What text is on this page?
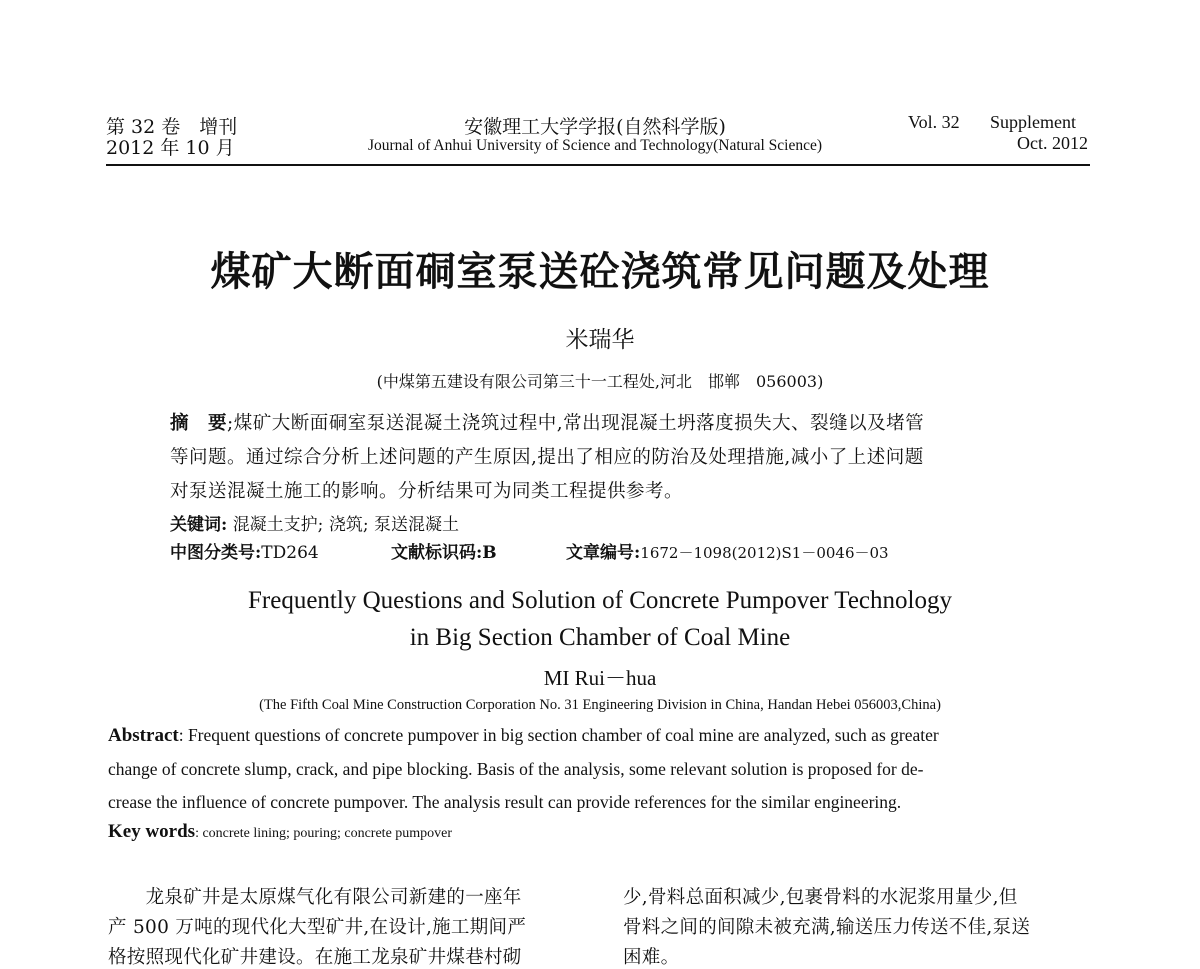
第 32 卷　增刊
2012 年 10 月
安徽理工大学学报(自然科学版)
Journal of Anhui University of Science and Technology(Natural Science)
Vol. 32 Supplement
Oct. 2012
煤矿大断面硐室泵送砼浇筑常见问题及处理
米瑞华
(中煤第五建设有限公司第三十一工程处,河北　邯郸　056003)
摘　要;煤矿大断面硐室泵送混凝土浇筑过程中,常出现混凝土坍落度损失大、裂缝以及堵管
等问题。通过综合分析上述问题的产生原因,提出了相应的防治及处理措施,减小了上述问题
对泵送混凝土施工的影响。分析结果可为同类工程提供参考。
关键词: 混凝土支护; 浇筑; 泵送混凝土
中图分类号:TD264	文献标识码:B	文章编号:1672－1098(2012)S1－0046－03
Frequently Questions and Solution of Concrete Pumpover Technology
in Big Section Chamber of Coal Mine
MI Rui－hua
(The Fifth Coal Mine Construction Corporation No. 31 Engineering Division in China, Handan Hebei 056003,China)
Abstract: Frequent questions of concrete pumpover in big section chamber of coal mine are analyzed, such as greater
change of concrete slump, crack, and pipe blocking. Basis of the analysis, some relevant solution is proposed for de-
crease the influence of concrete pumpover. The analysis result can provide references for the similar engineering.
Key words: concrete lining; pouring; concrete pumpover
　　龙泉矿井是太原煤气化有限公司新建的一座年
产 500 万吨的现代化大型矿井,在设计,施工期间严
格按照现代化矿井建设。在施工龙泉矿井煤巷村砌
少,骨料总面积减少,包裹骨料的水泥浆用量少,但
骨料之间的间隙未被充满,输送压力传送不佳,泵送
困难。
